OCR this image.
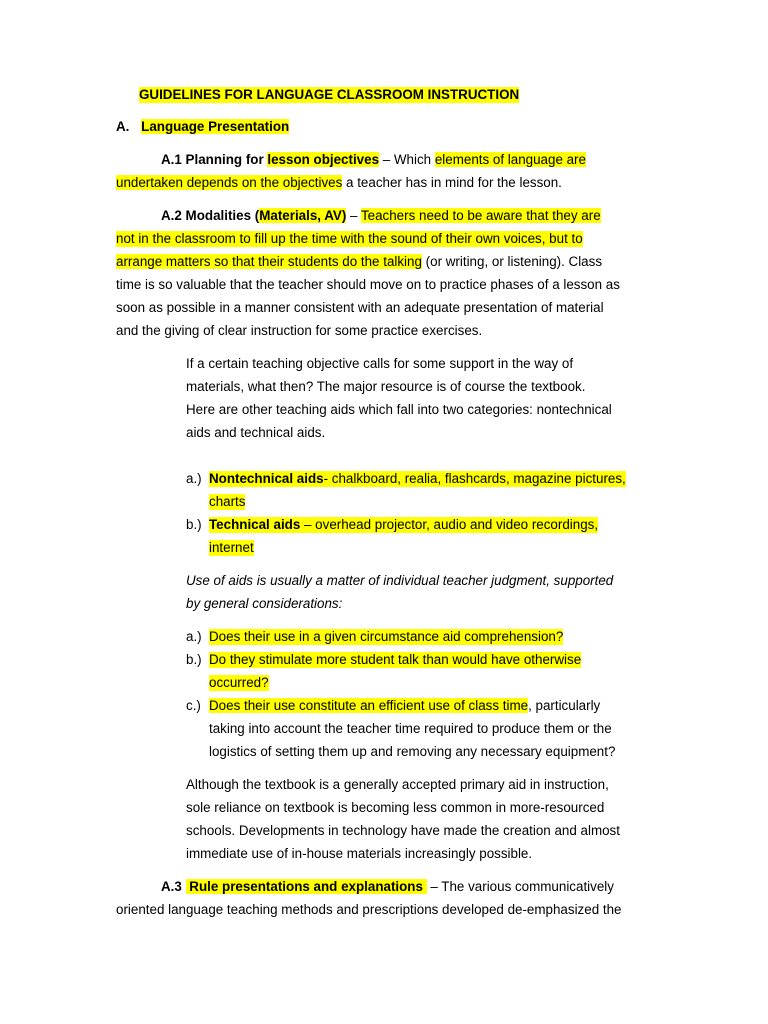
GUIDELINES FOR LANGUAGE CLASSROOM INSTRUCTION
A. Language Presentation
A.1 Planning for lesson objectives – Which elements of language are
undertaken depends on the objectives a teacher has in mind for the lesson.
A.2 Modalities (Materials, AV) – Teachers need to be aware that they are
not in the classroom to fill up the time with the sound of their own voices, but to
arrange matters so that their students do the talking (or writing, or listening). Class
time is so valuable that the teacher should move on to practice phases of a lesson as
soon as possible in a manner consistent with an adequate presentation of material
and the giving of clear instruction for some practice exercises.
If a certain teaching objective calls for some support in the way of
materials, what then? The major resource is of course the textbook.
Here are other teaching aids which fall into two categories: nontechnical
aids and technical aids.
a.) Nontechnical aids- chalkboard, realia, flashcards, magazine pictures,
charts
b.) Technical aids – overhead projector, audio and video recordings,
internet
Use of aids is usually a matter of individual teacher judgment, supported
by general considerations:
a.) Does their use in a given circumstance aid comprehension?
b.) Do they stimulate more student talk than would have otherwise
occurred?
c.) Does their use constitute an efficient use of class time, particularly
taking into account the teacher time required to produce them or the
logistics of setting them up and removing any necessary equipment?
Although the textbook is a generally accepted primary aid in instruction,
sole reliance on textbook is becoming less common in more-resourced
schools. Developments in technology have made the creation and almost
immediate use of in-house materials increasingly possible.
A.3  Rule presentations and explanations  – The various communicatively
oriented language teaching methods and prescriptions developed de-emphasized the
